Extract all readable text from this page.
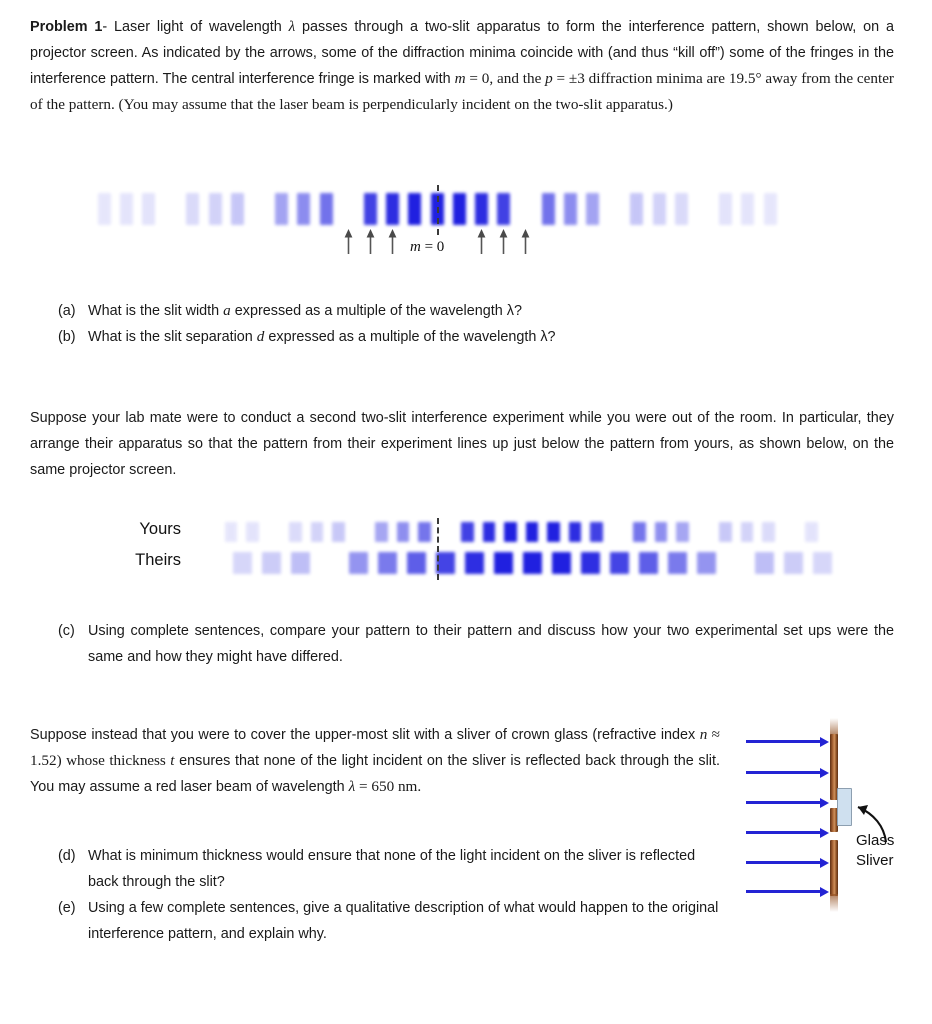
Problem 1- Laser light of wavelength λ passes through a two-slit apparatus to form the interference pattern, shown below, on a projector screen. As indicated by the arrows, some of the diffraction minima coincide with (and thus “kill off”) some of the fringes in the interference pattern. The central interference fringe is marked with m = 0, and the p = ±3 diffraction minima are 19.5° away from the center of the pattern. (You may assume that the laser beam is perpendicularly incident on the two-slit apparatus.)
m = 0
(a) What is the slit width a expressed as a multiple of the wavelength λ?
(b) What is the slit separation d expressed as a multiple of the wavelength λ?
Suppose your lab mate were to conduct a second two-slit interference experiment while you were out of the room. In particular, they arrange their apparatus so that the pattern from their experiment lines up just below the pattern from yours, as shown below, on the same projector screen.
Yours
Theirs
(c) Using complete sentences, compare your pattern to their pattern and discuss how your two experimental set ups were the same and how they might have differed.
Suppose instead that you were to cover the upper-most slit with a sliver of crown glass (refractive index n ≈ 1.52) whose thickness t ensures that none of the light incident on the sliver is reflected back through the slit. You may assume a red laser beam of wavelength λ = 650 nm.
Glass
Sliver
(d) What is minimum thickness would ensure that none of the light incident on the sliver is reflected back through the slit?
(e) Using a few complete sentences, give a qualitative description of what would happen to the original interference pattern, and explain why.
